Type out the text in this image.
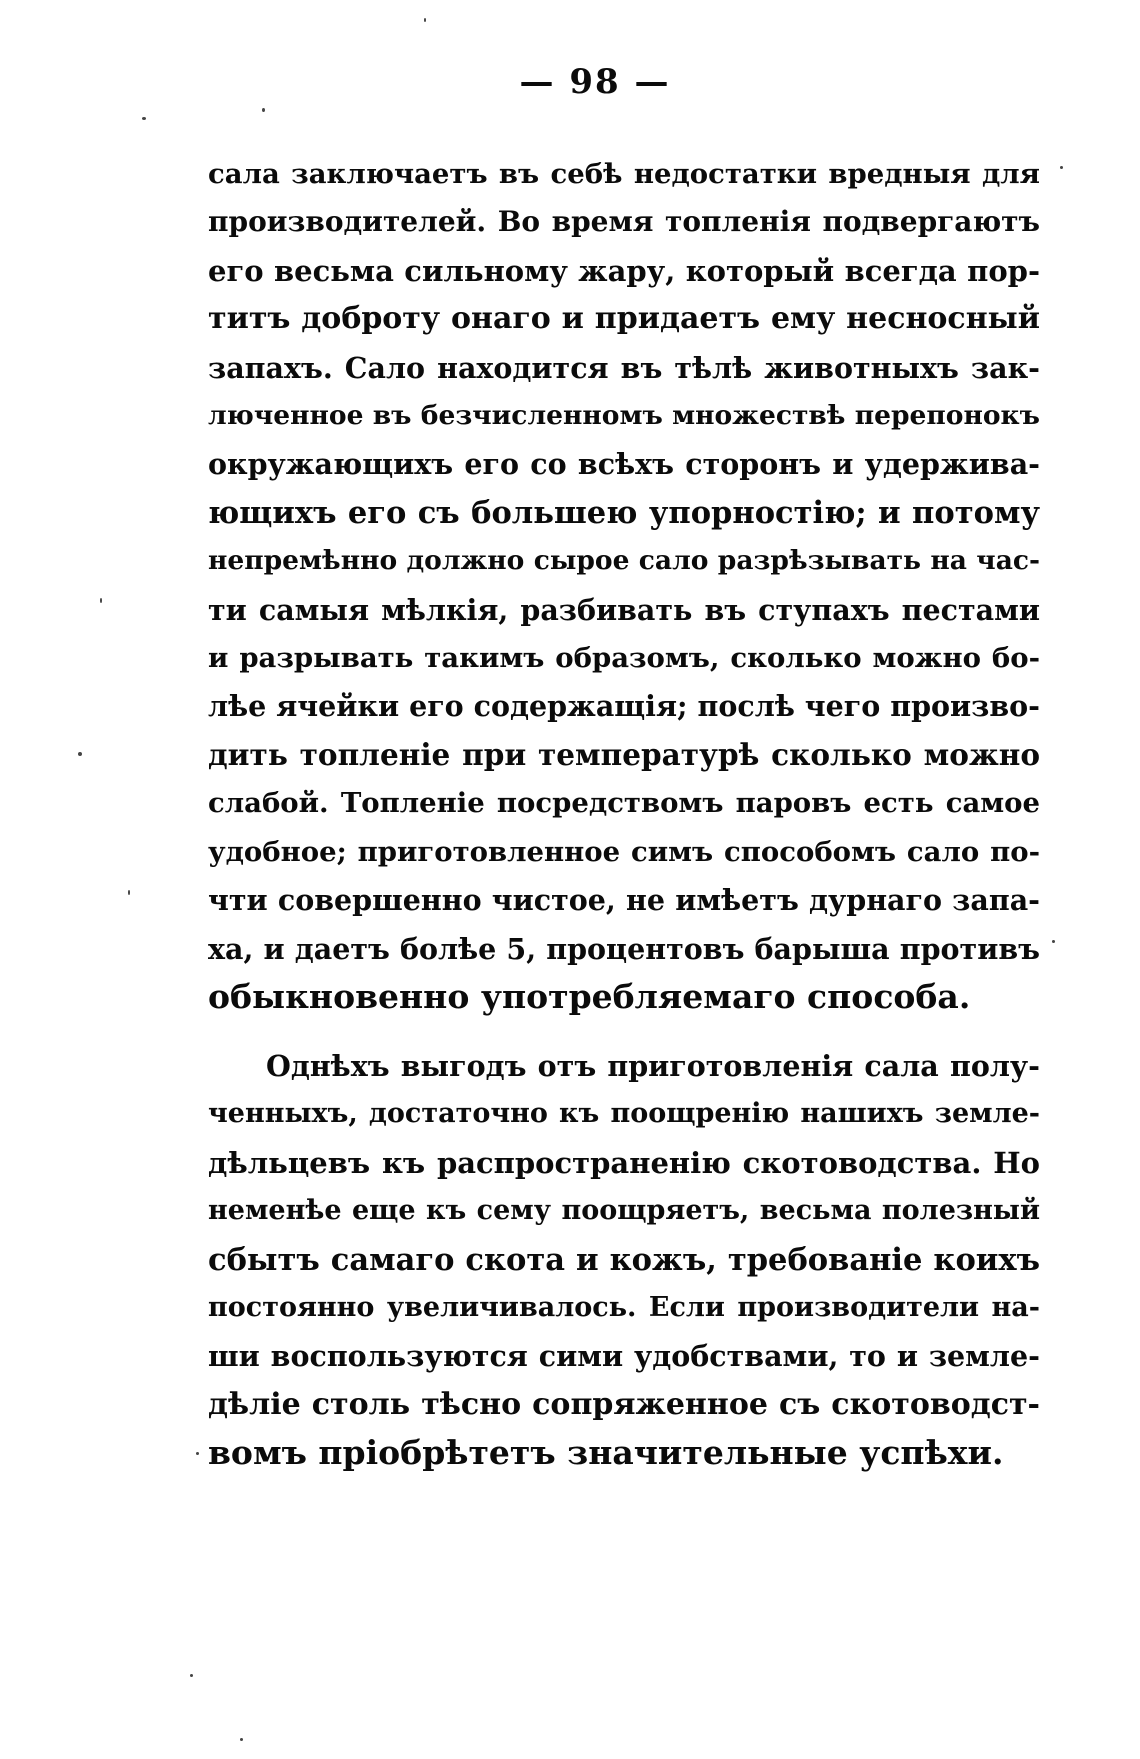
— 98 —
сала заключаетъ въ себѣ недостатки вредныя для
производителей. Во время топленія подвергаютъ
его весьма сильному жару, который всегда пор-
титъ доброту онаго и придаетъ ему несносный
запахъ. Сало находится въ тѣлѣ животныхъ зак-
люченное въ безчисленномъ множествѣ перепонокъ
окружающихъ его со всѣхъ сторонъ и удержива-
ющихъ его съ большею упорностію; и потому
непремѣнно должно сырое сало разрѣзывать на час-
ти самыя мѣлкія, разбивать въ ступахъ пестами
и разрывать такимъ образомъ, сколько можно бо-
лѣе ячейки его содержащія; послѣ чего произво-
дить топленіе при температурѣ сколько можно
слабой. Топленіе посредствомъ паровъ есть самое
удобное; приготовленное симъ способомъ сало по-
чти совершенно чистое, не имѣетъ дурнаго запа-
ха, и даетъ болѣе 5, процентовъ барыша противъ
обыкновенно употребляемаго способа.
Однѣхъ выгодъ отъ приготовленія сала полу-
ченныхъ, достаточно къ поощренію нашихъ земле-
дѣльцевъ къ распространенію скотоводства. Но
неменѣе еще къ сему поощряетъ, весьма полезный
сбытъ самаго скота и кожъ, требованіе коихъ
постоянно увеличивалось. Если производители на-
ши воспользуются сими удобствами, то и земле-
дѣліе столь тѣсно сопряженное съ скотоводст-
вомъ пріобрѣтетъ значительные успѣхи.
